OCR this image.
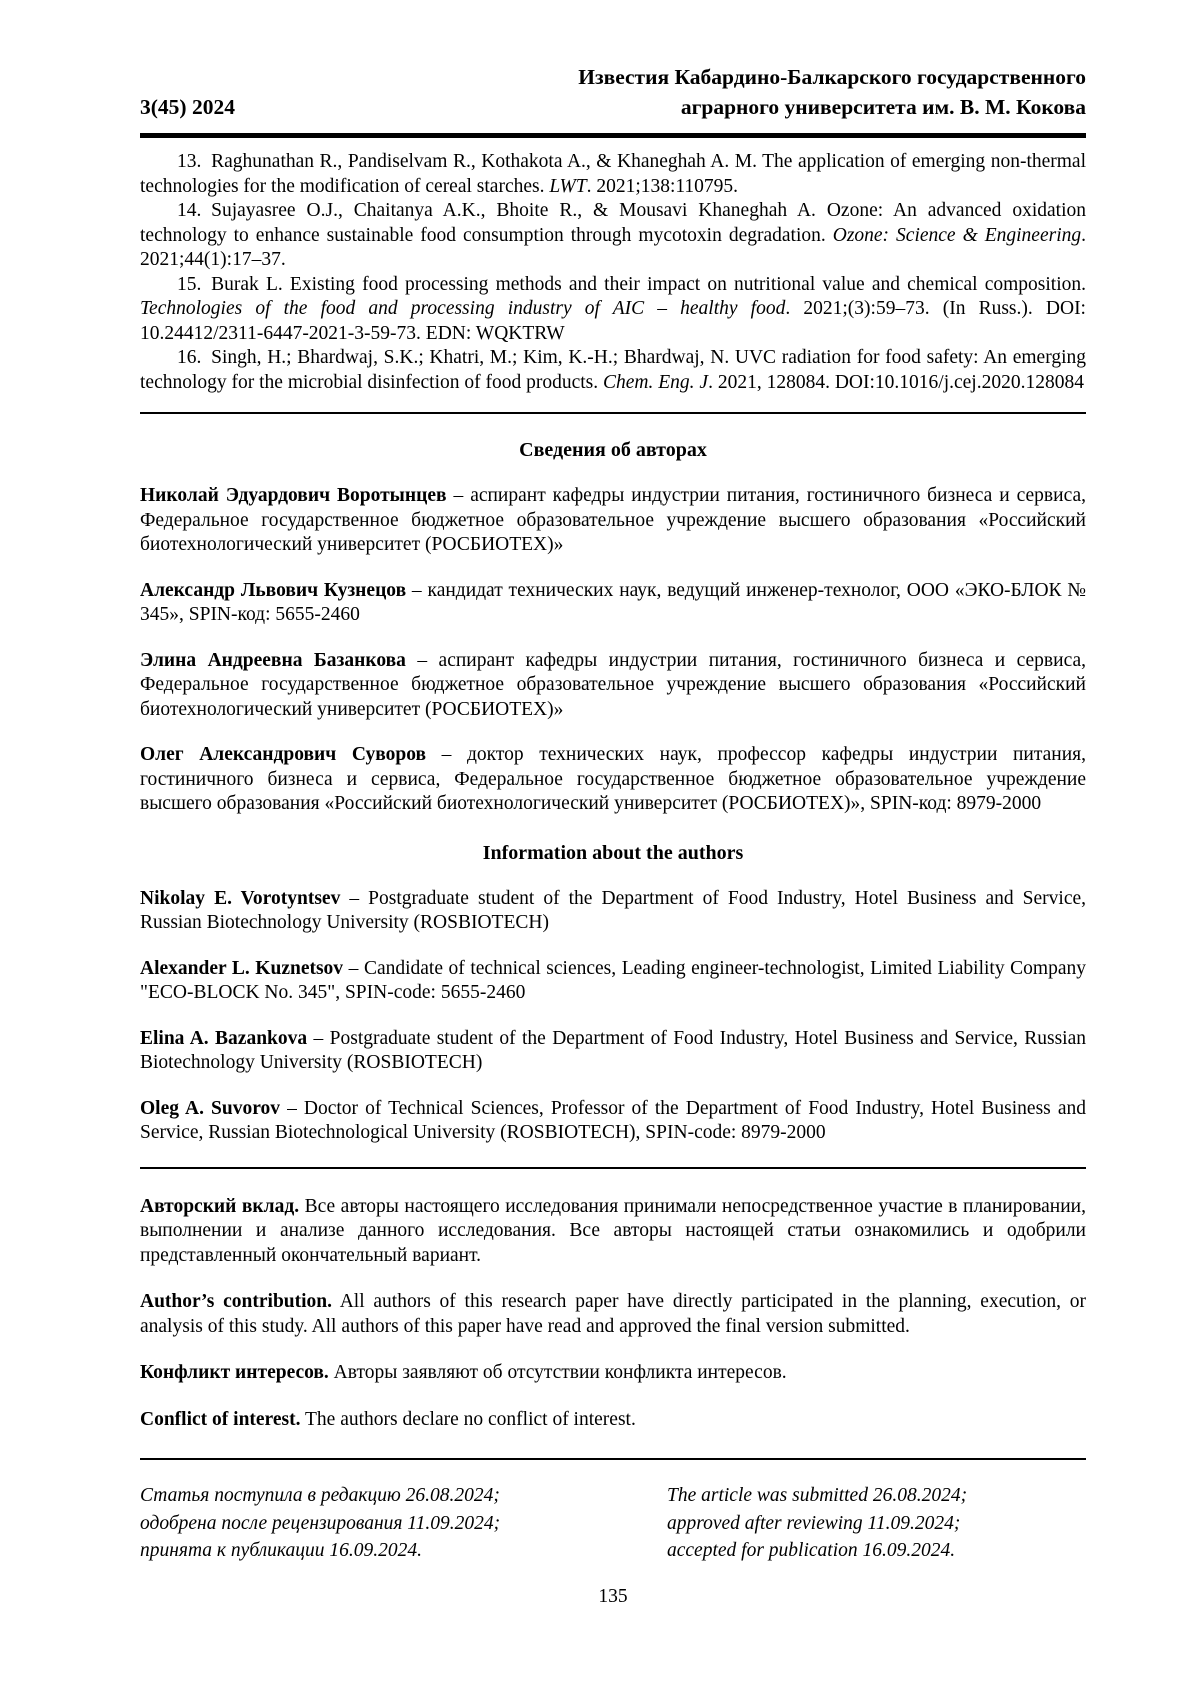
3(45) 2024
Известия Кабардино-Балкарского государственного
аграрного университета им. В. М. Кокова

13. Raghunathan R., Pandiselvam R., Kothakota A., & Khaneghah A. M. The application of emerging non-thermal technologies for the modification of cereal starches. LWT. 2021;138:110795.

14. Sujayasree O.J., Chaitanya A.K., Bhoite R., & Mousavi Khaneghah A. Ozone: An advanced oxidation technology to enhance sustainable food consumption through mycotoxin degradation. Ozone: Science & Engineering. 2021;44(1):17–37.

15. Burak L. Existing food processing methods and their impact on nutritional value and chemical composition. Technologies of the food and processing industry of AIC – healthy food. 2021;(3):59–73. (In Russ.). DOI: 10.24412/2311-6447-2021-3-59-73. EDN: WQKTRW

16. Singh, H.; Bhardwaj, S.K.; Khatri, M.; Kim, K.-H.; Bhardwaj, N. UVC radiation for food safety: An emerging technology for the microbial disinfection of food products. Chem. Eng. J. 2021, 128084. DOI:10.1016/j.cej.2020.128084

Сведения об авторах

Николай Эдуардович Воротынцев – аспирант кафедры индустрии питания, гостиничного бизнеса и сервиса, Федеральное государственное бюджетное образовательное учреждение высшего образования «Российский биотехнологический университет (РОСБИОТЕХ)»

Александр Львович Кузнецов – кандидат технических наук, ведущий инженер-технолог, ООО «ЭКО-БЛОК № 345», SPIN-код: 5655-2460

Элина Андреевна Базанкова – аспирант кафедры индустрии питания, гостиничного бизнеса и сервиса, Федеральное государственное бюджетное образовательное учреждение высшего образования «Российский биотехнологический университет (РОСБИОТЕХ)»

Олег Александрович Суворов – доктор технических наук, профессор кафедры индустрии питания, гостиничного бизнеса и сервиса, Федеральное государственное бюджетное образовательное учреждение высшего образования «Российский биотехнологический университет (РОСБИОТЕХ)», SPIN-код: 8979-2000

Information about the authors

Nikolay E. Vorotyntsev – Postgraduate student of the Department of Food Industry, Hotel Business and Service, Russian Biotechnology University (ROSBIOTECH)

Alexander L. Kuznetsov – Candidate of technical sciences, Leading engineer-technologist, Limited Liability Company "ECO-BLOCK No. 345", SPIN-code: 5655-2460

Elina A. Bazankova – Postgraduate student of the Department of Food Industry, Hotel Business and Service, Russian Biotechnology University (ROSBIOTECH)

Oleg A. Suvorov – Doctor of Technical Sciences, Professor of the Department of Food Industry, Hotel Business and Service, Russian Biotechnological University (ROSBIOTECH), SPIN-code: 8979-2000

Авторский вклад. Все авторы настоящего исследования принимали непосредственное участие в планировании, выполнении и анализе данного исследования. Все авторы настоящей статьи ознакомились и одобрили представленный окончательный вариант.

Author’s contribution. All authors of this research paper have directly participated in the planning, execution, or analysis of this study. All authors of this paper have read and approved the final version submitted.

Конфликт интересов. Авторы заявляют об отсутствии конфликта интересов.

Conflict of interest. The authors declare no conflict of interest.

Статья поступила в редакцию 26.08.2024;
одобрена после рецензирования 11.09.2024;
принята к публикации 16.09.2024.
The article was submitted 26.08.2024;
approved after reviewing 11.09.2024;
accepted for publication 16.09.2024.
135
